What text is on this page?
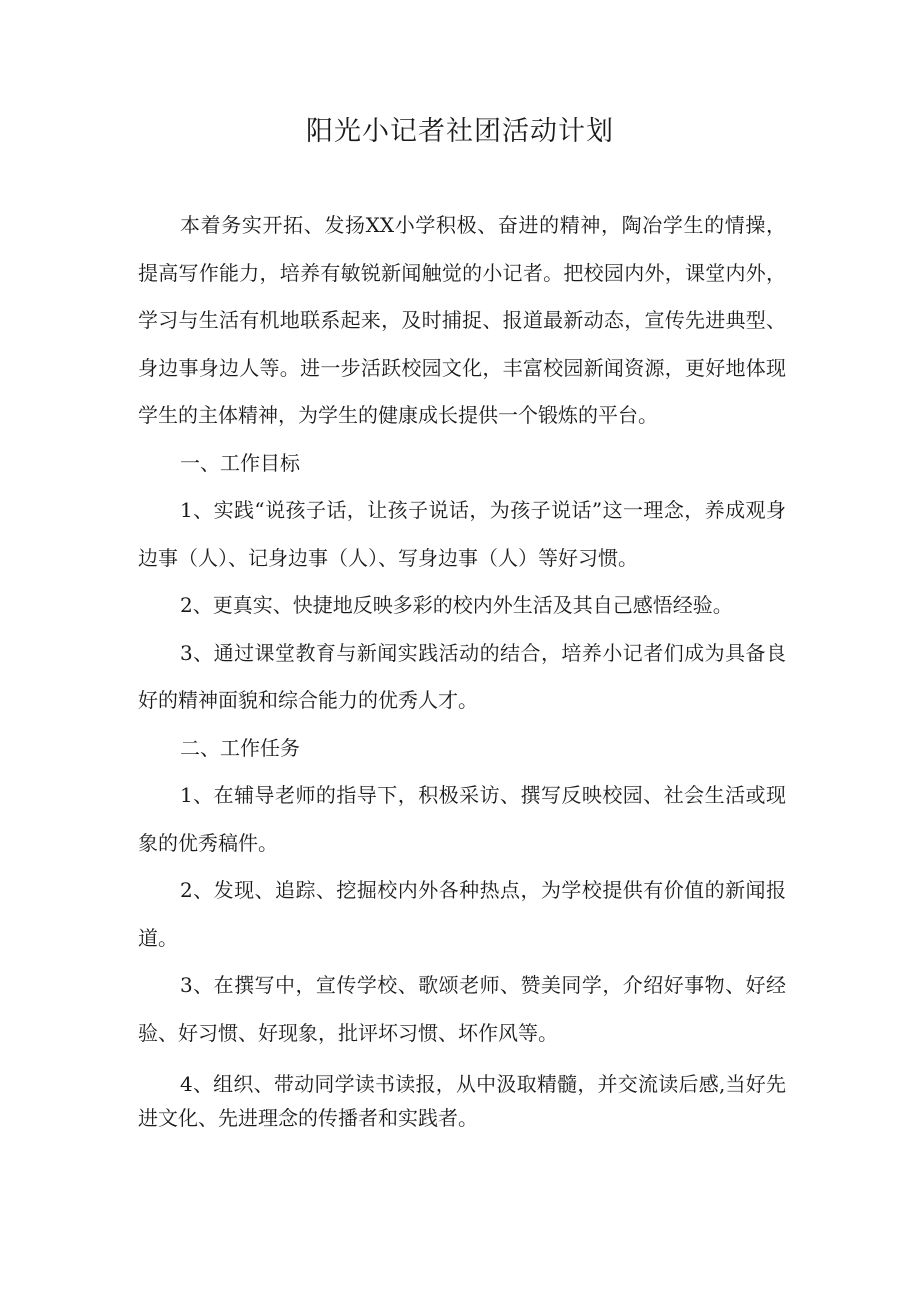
阳光小记者社团活动计划

本着务实开拓、发扬XX小学积极、奋进的精神，陶冶学生的情操，提高写作能力，培养有敏锐新闻触觉的小记者。把校园内外，课堂内外，学习与生活有机地联系起来，及时捕捉、报道最新动态，宣传先进典型、身边事身边人等。进一步活跃校园文化，丰富校园新闻资源，更好地体现学生的主体精神，为学生的健康成长提供一个锻炼的平台。

一、工作目标

1、实践“说孩子话，让孩子说话，为孩子说话”这一理念，养成观身边事（人）、记身边事（人）、写身边事（人）等好习惯。

2、更真实、快捷地反映多彩的校内外生活及其自己感悟经验。

3、通过课堂教育与新闻实践活动的结合，培养小记者们成为具备良好的精神面貌和综合能力的优秀人才。

二、工作任务

1、在辅导老师的指导下，积极采访、撰写反映校园、社会生活或现象的优秀稿件。

2、发现、追踪、挖掘校内外各种热点，为学校提供有价值的新闻报道。

3、在撰写中，宣传学校、歌颂老师、赞美同学，介绍好事物、好经验、好习惯、好现象，批评坏习惯、坏作风等。

4、组织、带动同学读书读报，从中汲取精髓，并交流读后感,当好先进文化、先进理念的传播者和实践者。
